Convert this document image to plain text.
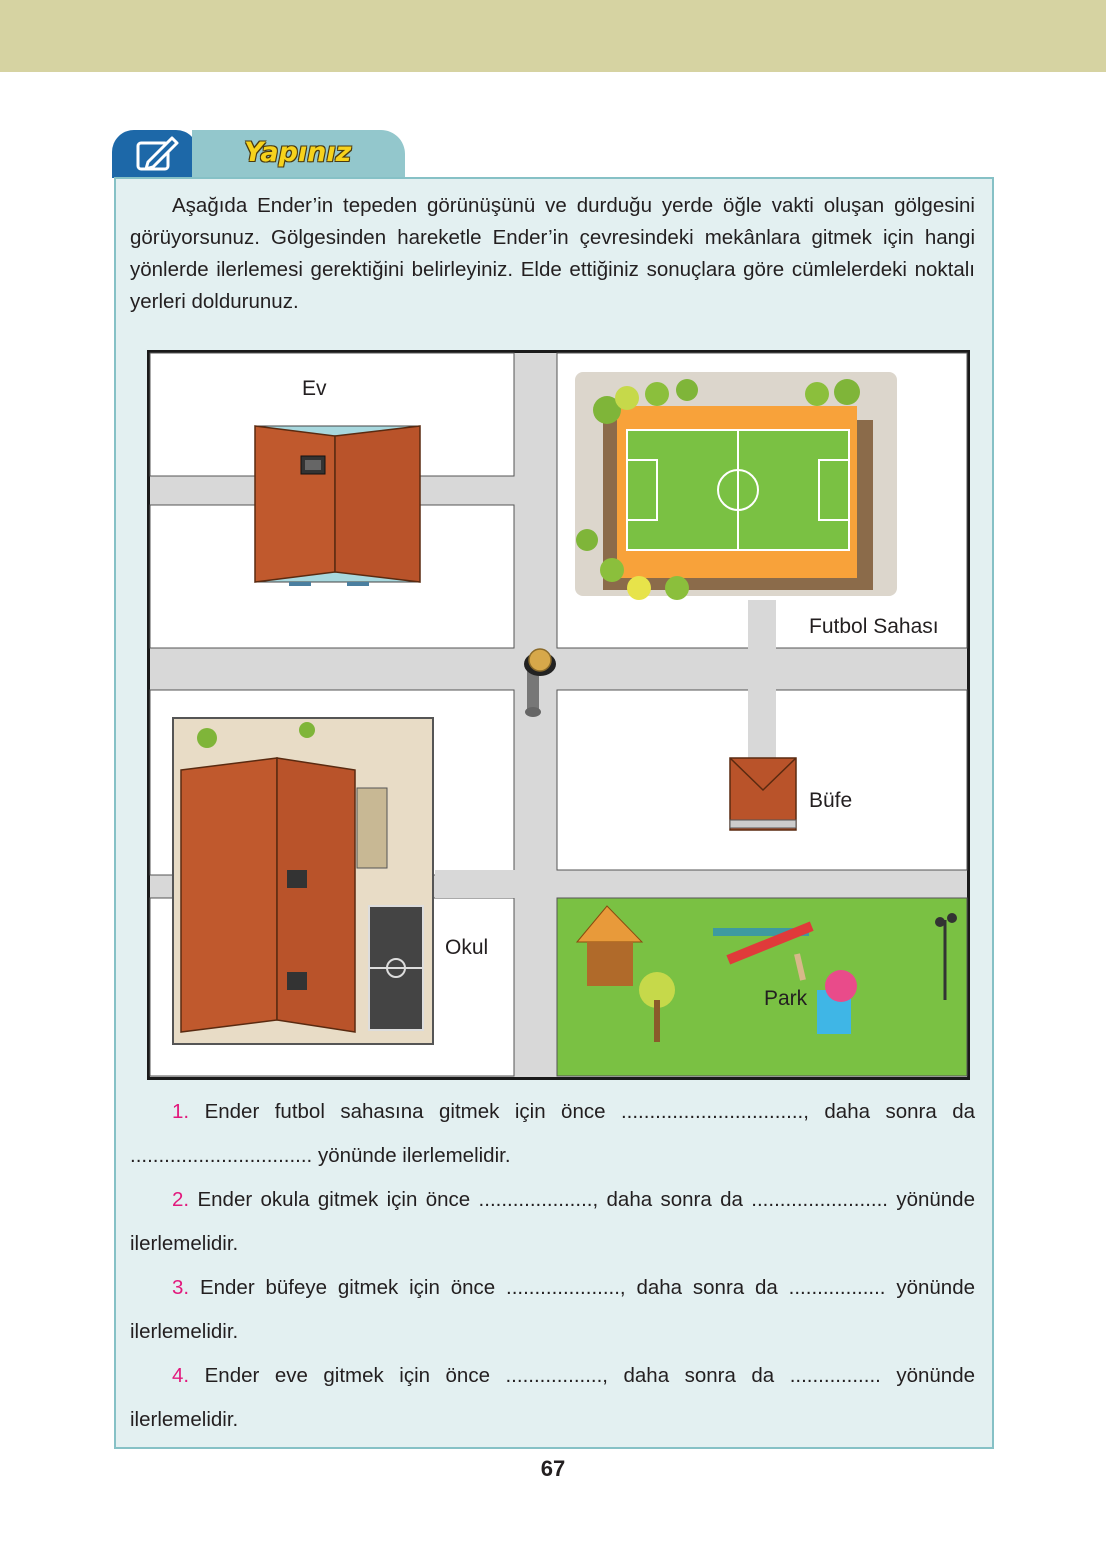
Yapınız

Aşağıda Ender’in tepeden görünüşünü ve durduğu yerde öğle vakti oluşan gölgesini görüyorsunuz. Gölgesinden hareketle Ender’in çevresindeki mekânlara gitmek için hangi yönlerde ilerlemesi gerektiğini belirleyiniz. Elde ettiğiniz sonuçlara göre cümlelerdeki noktalı yerleri doldurunuz.

Ev
Futbol Sahası
Okul
Büfe
Park

1. Ender futbol sahasına gitmek için önce ................................, daha sonra da ................................ yönünde ilerlemelidir.

2. Ender okula gitmek için önce ...................., daha sonra da ........................ yönünde ilerlemelidir.

3. Ender büfeye gitmek için önce ...................., daha sonra da ................. yönünde ilerlemelidir.

4. Ender eve gitmek için önce ................., daha sonra da ................ yönünde ilerlemelidir.

67
